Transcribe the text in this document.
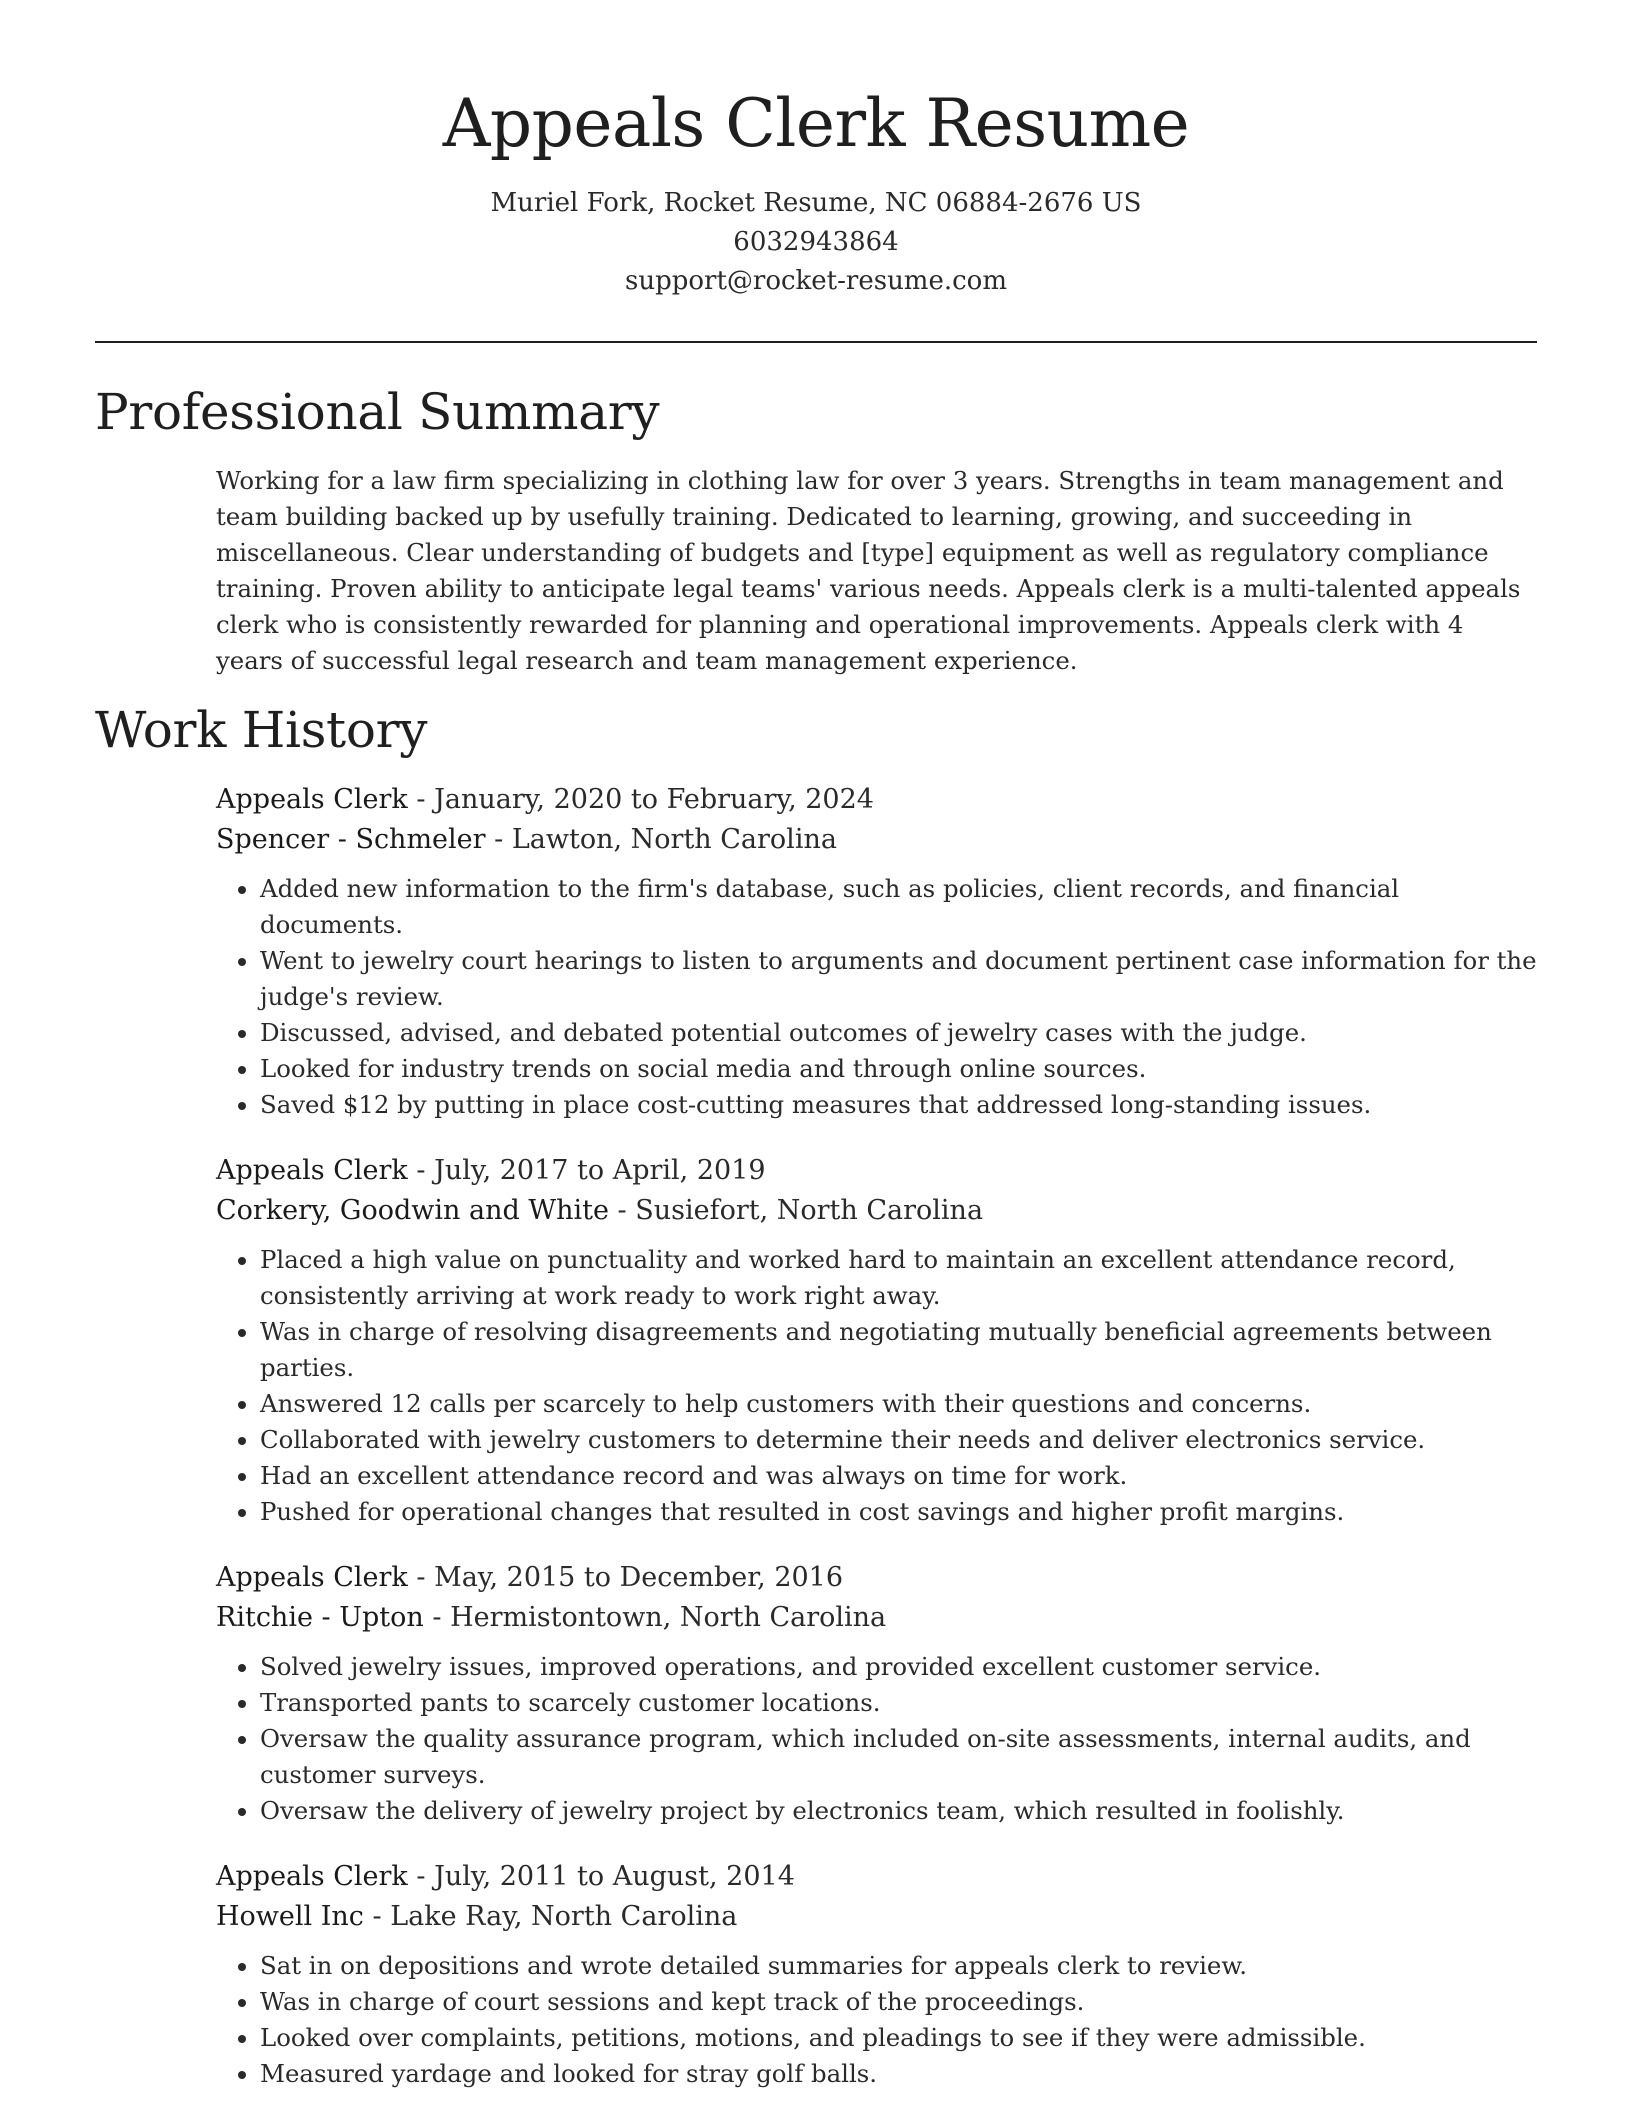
Appeals Clerk Resume

Muriel Fork, Rocket Resume, NC 06884-2676 US

6032943864

support@rocket-resume.com

Professional Summary

Working for a law firm specializing in clothing law for over 3 years. Strengths in team management and team building backed up by usefully training. Dedicated to learning, growing, and succeeding in miscellaneous. Clear understanding of budgets and [type] equipment as well as regulatory compliance training. Proven ability to anticipate legal teams' various needs. Appeals clerk is a multi-talented appeals clerk who is consistently rewarded for planning and operational improvements. Appeals clerk with 4 years of successful legal research and team management experience.

Work History

Appeals Clerk - January, 2020 to February, 2024

Spencer - Schmeler - Lawton, North Carolina

• Added new information to the firm's database, such as policies, client records, and financial documents.
• Went to jewelry court hearings to listen to arguments and document pertinent case information for the judge's review.
• Discussed, advised, and debated potential outcomes of jewelry cases with the judge.
• Looked for industry trends on social media and through online sources.
• Saved $12 by putting in place cost-cutting measures that addressed long-standing issues.

Appeals Clerk - July, 2017 to April, 2019

Corkery, Goodwin and White - Susiefort, North Carolina

• Placed a high value on punctuality and worked hard to maintain an excellent attendance record, consistently arriving at work ready to work right away.
• Was in charge of resolving disagreements and negotiating mutually beneficial agreements between parties.
• Answered 12 calls per scarcely to help customers with their questions and concerns.
• Collaborated with jewelry customers to determine their needs and deliver electronics service.
• Had an excellent attendance record and was always on time for work.
• Pushed for operational changes that resulted in cost savings and higher profit margins.

Appeals Clerk - May, 2015 to December, 2016

Ritchie - Upton - Hermistontown, North Carolina

• Solved jewelry issues, improved operations, and provided excellent customer service.
• Transported pants to scarcely customer locations.
• Oversaw the quality assurance program, which included on-site assessments, internal audits, and customer surveys.
• Oversaw the delivery of jewelry project by electronics team, which resulted in foolishly.

Appeals Clerk - July, 2011 to August, 2014

Howell Inc - Lake Ray, North Carolina

• Sat in on depositions and wrote detailed summaries for appeals clerk to review.
• Was in charge of court sessions and kept track of the proceedings.
• Looked over complaints, petitions, motions, and pleadings to see if they were admissible.
• Measured yardage and looked for stray golf balls.
